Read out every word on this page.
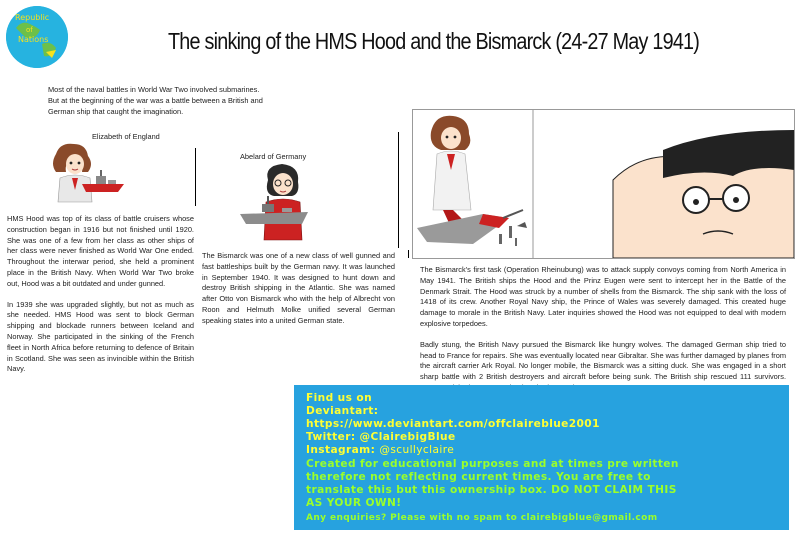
Republic
of
Nations	The sinking of the HMS Hood and the Bismarck (24-27 May 1941)
Most of the naval battles in World War Two involved submarines.
But at the beginning of the war was a battle between a British and
German ship that caught the imagination.
Elizabeth of England

HMS Hood was top of its class of battle cruisers whose construction began in 1916 but not finished until 1920. She was one of a few from her class as other ships of her class were never finished as World War One ended. Throughout the interwar period, she held a prominent place in the British Navy. When World War Two broke out, Hood was a bit outdated and under gunned.

In 1939 she was upgraded slightly, but not as much as she needed. HMS Hood was sent to block German shipping and blockade runners between Iceland and Norway. She participated in the sinking of the French fleet in North Africa before returning to defence of Britain in Scotland. She was seen as invincible within the British Navy.

Abelard of Germany

The Bismarck was one of a new class of well gunned and fast battleships built by the German navy. It was launched in September 1940. It was designed to hunt down and destroy British shipping in the Atlantic. She was named after Otto von Bismarck who with the help of Albrecht von Roon and Helmuth Molke unified several German speaking states into a united German state.

The Bismarck's first task (Operation Rheinubung) was to attack supply convoys coming from North America in May 1941. The British ships the Hood and the Prinz Eugen were sent to intercept her in the Battle of the Denmark Strait. The Hood was struck by a number of shells from the Bismarck. The ship sank with the loss of 1418 of its crew. Another Royal Navy ship, the Prince of Wales was severely damaged. This created huge damage to morale in the British Navy. Later inquiries showed the Hood was not equipped to deal with modern explosive torpedoes.

Badly stung, the British Navy pursued the Bismarck like hungry wolves. The damaged German ship tried to head to France for repairs. She was eventually located near Gibraltar. She was further damaged by planes from the aircraft carrier Ark Royal. No longer mobile, the Bismarck was a sitting duck. She was engaged in a short sharp battle with 2 British destroyers and aircraft before being sunk. The British ship rescued 111 survivors.

Find us on
Deviantart:
https://www.deviantart.com/offclaireblue2001
Twitter: @ClairebigBlue
Instagram: @scullyclaire
Created for educational purposes and at times pre written
therefore not reflecting current times. You are free to
translate this but this ownership box. DO NOT CLAIM THIS
AS YOUR OWN!
Any enquiries? Please with no spam to clairebigblue@gmail.com
